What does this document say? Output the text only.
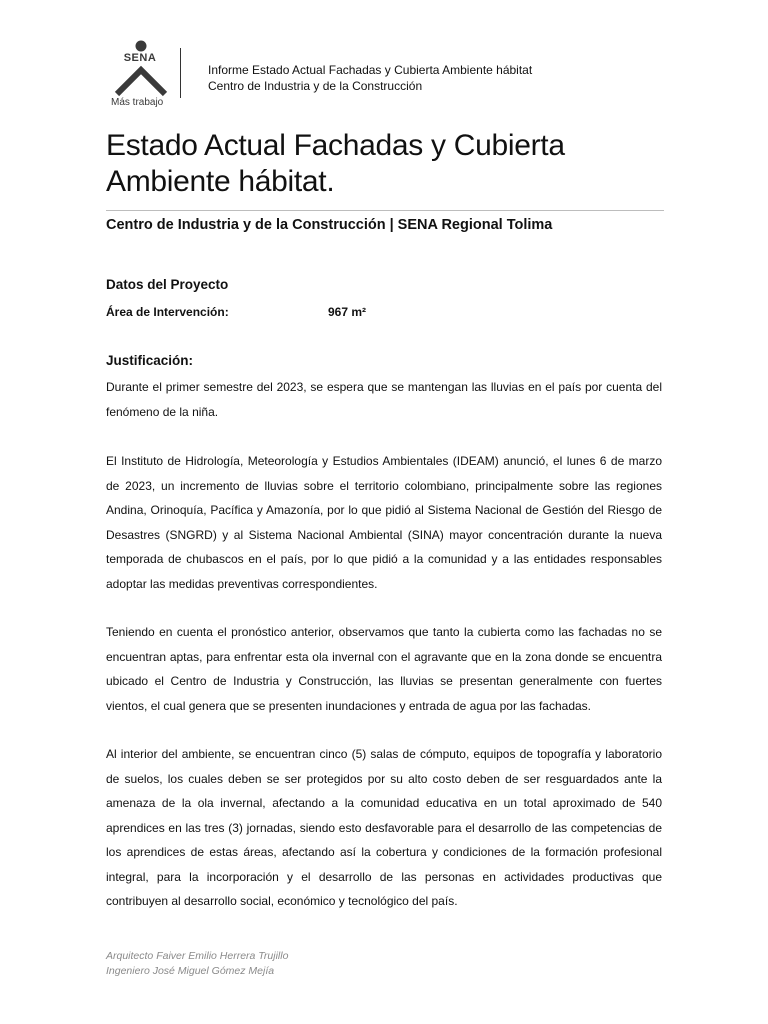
SENA
Más trabajo
Informe Estado Actual Fachadas y Cubierta Ambiente hábitat
Centro de Industria y de la Construcción
Estado Actual Fachadas y Cubierta Ambiente hábitat.
Centro de Industria y de la Construcción | SENA Regional Tolima
Datos del Proyecto
Área de Intervención:	967 m²
Justificación:

Durante el primer semestre del 2023, se espera que se mantengan las lluvias en el país por cuenta del fenómeno de la niña.

El Instituto de Hidrología, Meteorología y Estudios Ambientales (IDEAM) anunció, el lunes 6 de marzo de 2023, un incremento de lluvias sobre el territorio colombiano, principalmente sobre las regiones Andina, Orinoquía, Pacífica y Amazonía, por lo que pidió al Sistema Nacional de Gestión del Riesgo de Desastres (SNGRD) y al Sistema Nacional Ambiental (SINA) mayor concentración durante la nueva temporada de chubascos en el país, por lo que pidió a la comunidad y a las entidades responsables adoptar las medidas preventivas correspondientes.

Teniendo en cuenta el pronóstico anterior, observamos que tanto la cubierta como las fachadas no se encuentran aptas, para enfrentar esta ola invernal con el agravante que en la zona donde se encuentra ubicado el Centro de Industria y Construcción, las lluvias se presentan generalmente con fuertes vientos, el cual genera que se presenten inundaciones y entrada de agua por las fachadas.

Al interior del ambiente, se encuentran cinco (5) salas de cómputo, equipos de topografía y laboratorio de suelos, los cuales deben se ser protegidos por su alto costo deben de ser resguardados ante la amenaza de la ola invernal, afectando a la comunidad educativa en un total aproximado de 540 aprendices en las tres (3) jornadas, siendo esto desfavorable para el desarrollo de las competencias de los aprendices de estas áreas, afectando así la cobertura y condiciones de la formación profesional integral, para la incorporación y el desarrollo de las personas en actividades productivas que contribuyen al desarrollo social, económico y tecnológico del país.

Arquitecto Faiver Emilio Herrera Trujillo
Ingeniero José Miguel Gómez Mejía
